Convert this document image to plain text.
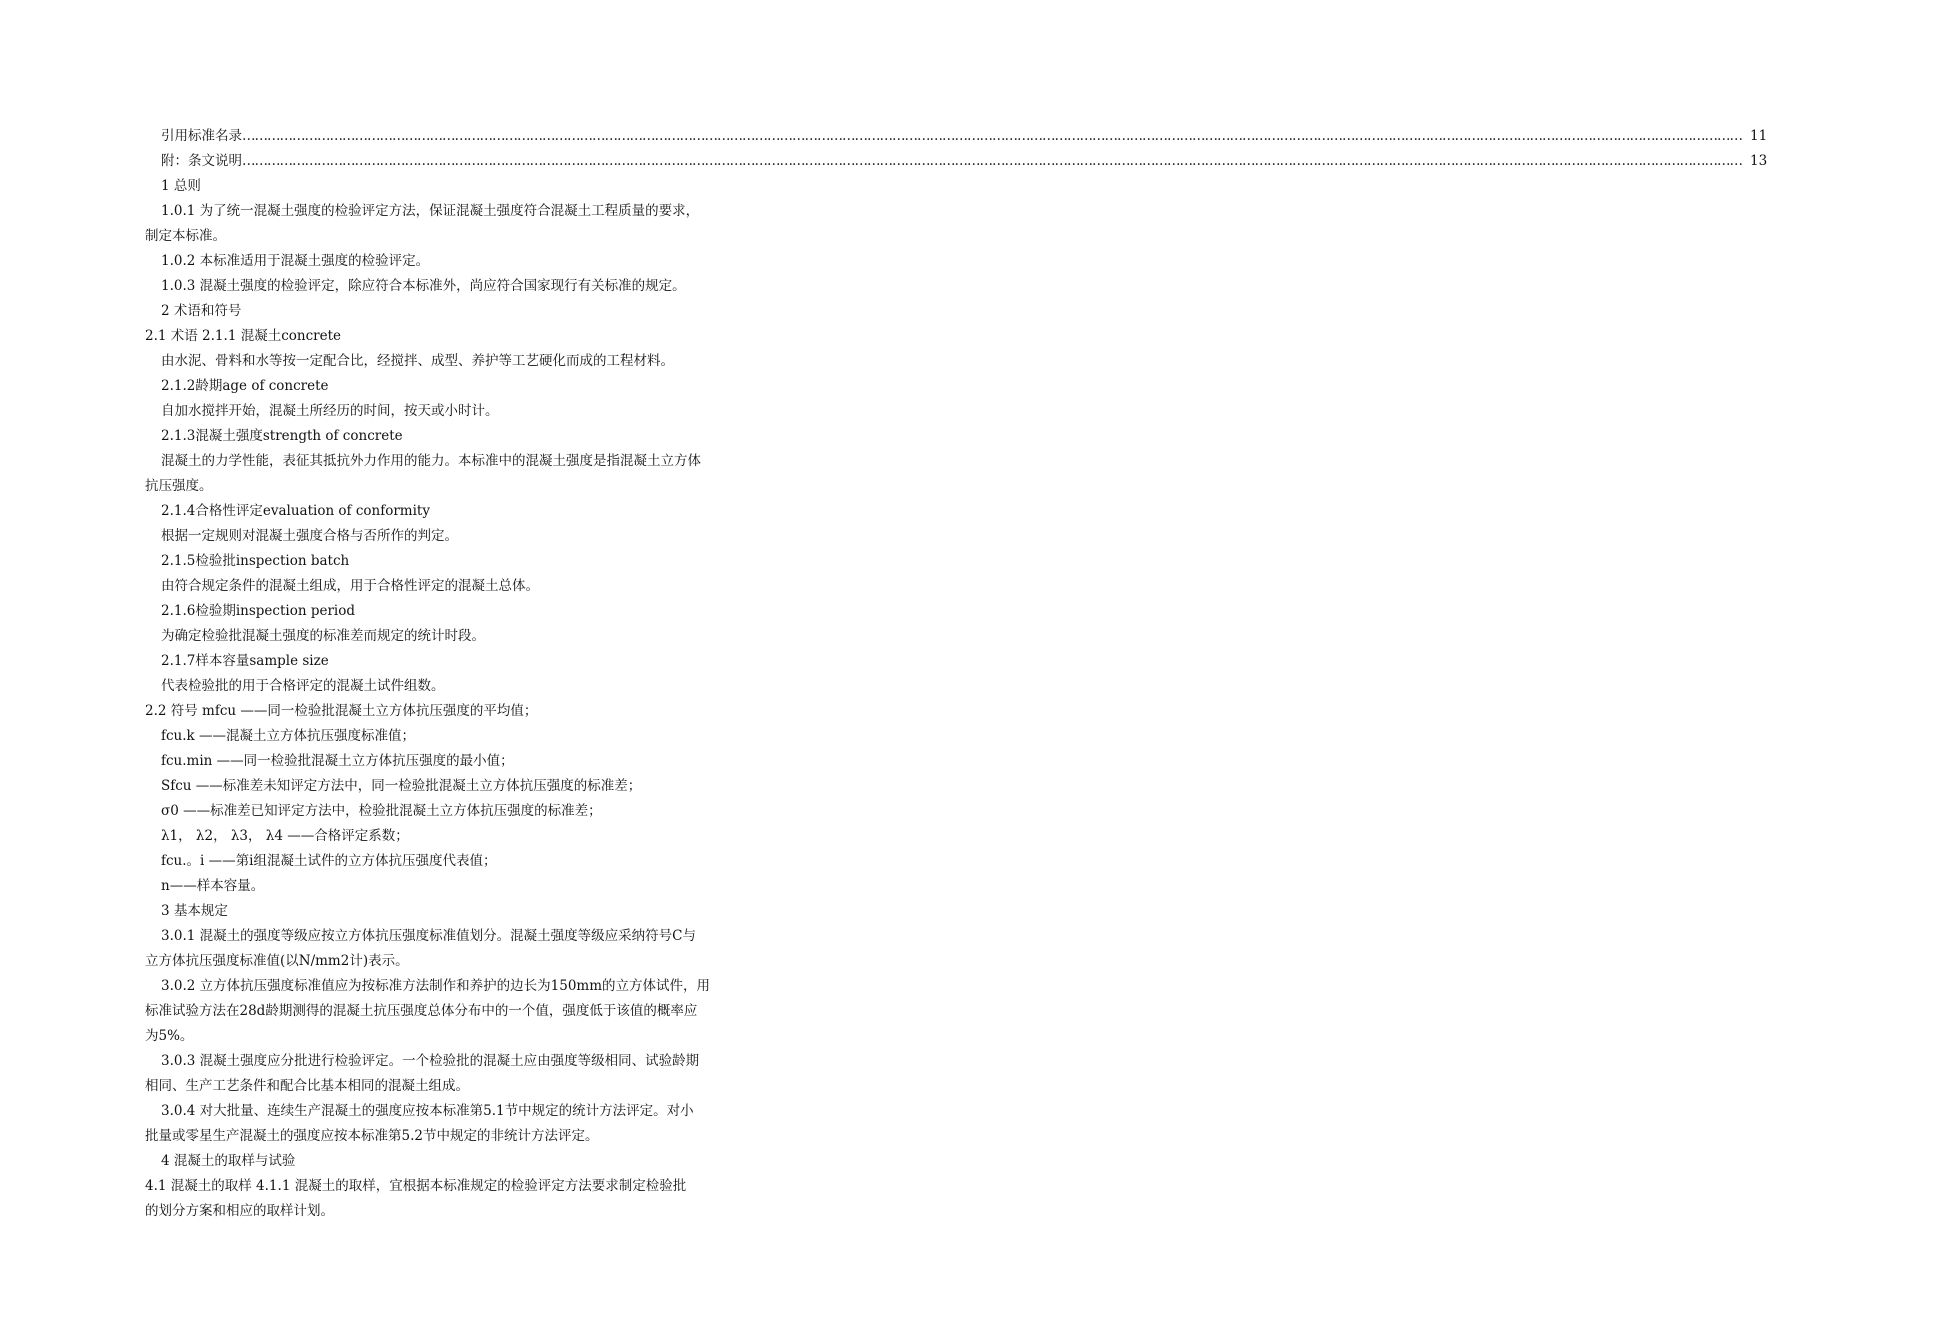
引用标准名录 ……………………………………………………………………………………………………………………………………………………………………………………………………………………………………………………………………………………………………………………………… 11
附：条文说明 ……………………………………………………………………………………………………………………………………………………………………………………………………………………………………………………………………………………………………………………………… 13
1 总则
1.0.1 为了统一混凝土强度的检验评定方法，保证混凝土强度符合混凝土工程质量的要求，
制定本标准。
1.0.2 本标准适用于混凝土强度的检验评定。
1.0.3 混凝土强度的检验评定，除应符合本标准外，尚应符合国家现行有关标准的规定。
2 术语和符号
2.1 术语 2.1.1 混凝土concrete
由水泥、骨料和水等按一定配合比，经搅拌、成型、养护等工艺硬化而成的工程材料。
2.1.2龄期age of concrete
自加水搅拌开始，混凝土所经历的时间，按天或小时计。
2.1.3混凝土强度strength of concrete
混凝土的力学性能，表征其抵抗外力作用的能力。本标准中的混凝土强度是指混凝土立方体
抗压强度。
2.1.4合格性评定evaluation of conformity
根据一定规则对混凝土强度合格与否所作的判定。
2.1.5检验批inspection batch
由符合规定条件的混凝土组成，用于合格性评定的混凝土总体。
2.1.6检验期inspection period
为确定检验批混凝土强度的标准差而规定的统计时段。
2.1.7样本容量sample size
代表检验批的用于合格评定的混凝土试件组数。
2.2 符号 mfcu ——同一检验批混凝土立方体抗压强度的平均值；
fcu.k ——混凝土立方体抗压强度标准值；
fcu.min ——同一检验批混凝土立方体抗压强度的最小值；
Sfcu ——标准差未知评定方法中，同一检验批混凝土立方体抗压强度的标准差；
σ0 ——标准差已知评定方法中，检验批混凝土立方体抗压强度的标准差；
λ1， λ2， λ3， λ4 ——合格评定系数；
fcu.。i ——第i组混凝土试件的立方体抗压强度代表值；
n——样本容量。
3 基本规定
3.0.1 混凝土的强度等级应按立方体抗压强度标准值划分。混凝土强度等级应采纳符号C与
立方体抗压强度标准值(以N/mm2计)表示。
3.0.2 立方体抗压强度标准值应为按标准方法制作和养护的边长为150mm的立方体试件，用
标准试验方法在28d龄期测得的混凝土抗压强度总体分布中的一个值，强度低于该值的概率应
为5%。
3.0.3 混凝土强度应分批进行检验评定。一个检验批的混凝土应由强度等级相同、试验龄期
相同、生产工艺条件和配合比基本相同的混凝土组成。
3.0.4 对大批量、连续生产混凝土的强度应按本标准第5.1节中规定的统计方法评定。对小
批量或零星生产混凝土的强度应按本标准第5.2节中规定的非统计方法评定。
4 混凝土的取样与试验
4.1 混凝土的取样 4.1.1 混凝土的取样，宜根据本标准规定的检验评定方法要求制定检验批
的划分方案和相应的取样计划。
